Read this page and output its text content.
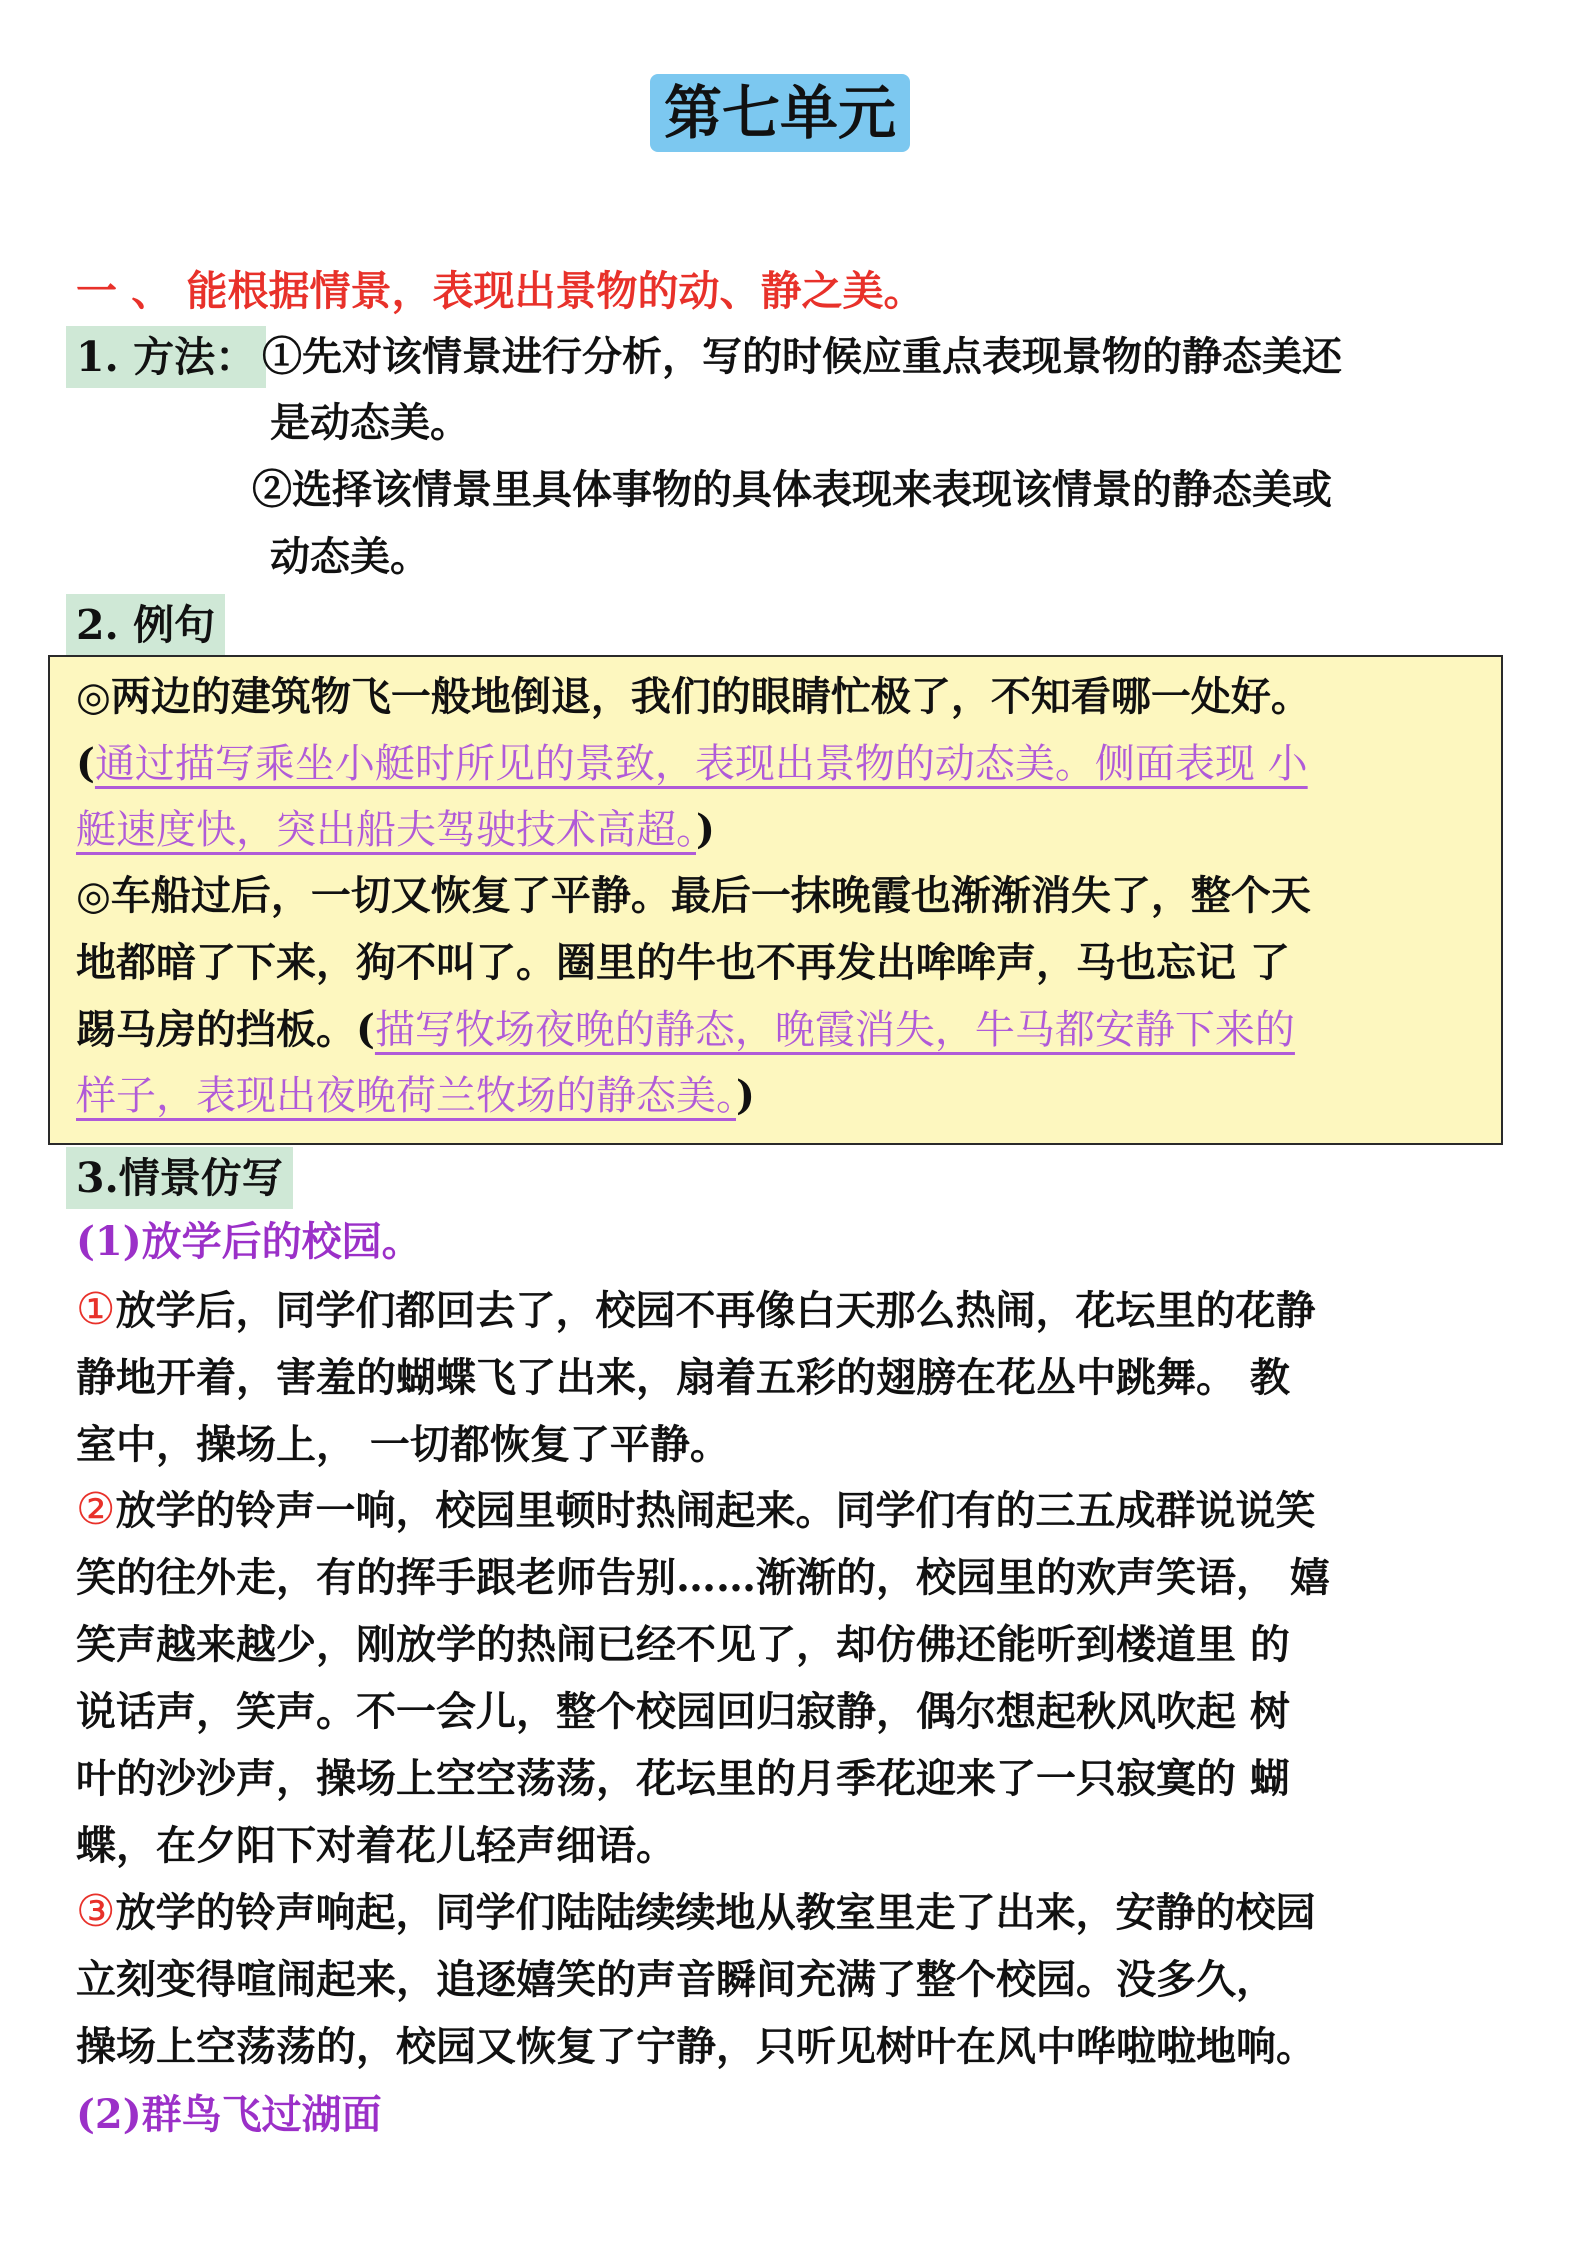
第七单元
一 、 能根据情景，表现出景物的动、静之美。
1. 方法： ①先对该情景进行分析，写的时候应重点表现景物的静态美还
是动态美。
②选择该情景里具体事物的具体表现来表现该情景的静态美或
动态美。
2. 例句
◎两边的建筑物飞一般地倒退，我们的眼睛忙极了，不知看哪一处好。
(通过描写乘坐小艇时所见的景致，表现出景物的动态美。侧面表现 小
艇速度快，突出船夫驾驶技术高超。)
◎车船过后，一切又恢复了平静。最后一抹晚霞也渐渐消失了，整个天
地都暗了下来，狗不叫了。圈里的牛也不再发出哞哞声，马也忘记 了
踢马房的挡板。(描写牧场夜晚的静态，晚霞消失，牛马都安静下来的
样子，表现出夜晚荷兰牧场的静态美。)
3.情景仿写
(1)放学后的校园。
①放学后，同学们都回去了，校园不再像白天那么热闹，花坛里的花静
静地开着，害羞的蝴蝶飞了出来，扇着五彩的翅膀在花丛中跳舞。 教
室中，操场上， 一切都恢复了平静。
②放学的铃声一响，校园里顿时热闹起来。同学们有的三五成群说说笑
笑的往外走，有的挥手跟老师告别……渐渐的，校园里的欢声笑语， 嬉
笑声越来越少，刚放学的热闹已经不见了，却仿佛还能听到楼道里 的
说话声，笑声。不一会儿，整个校园回归寂静，偶尔想起秋风吹起 树
叶的沙沙声，操场上空空荡荡，花坛里的月季花迎来了一只寂寞的 蝴
蝶，在夕阳下对着花儿轻声细语。
③放学的铃声响起，同学们陆陆续续地从教室里走了出来，安静的校园
立刻变得喧闹起来，追逐嬉笑的声音瞬间充满了整个校园。没多久，
操场上空荡荡的，校园又恢复了宁静，只听见树叶在风中哗啦啦地响。
(2)群鸟飞过湖面
